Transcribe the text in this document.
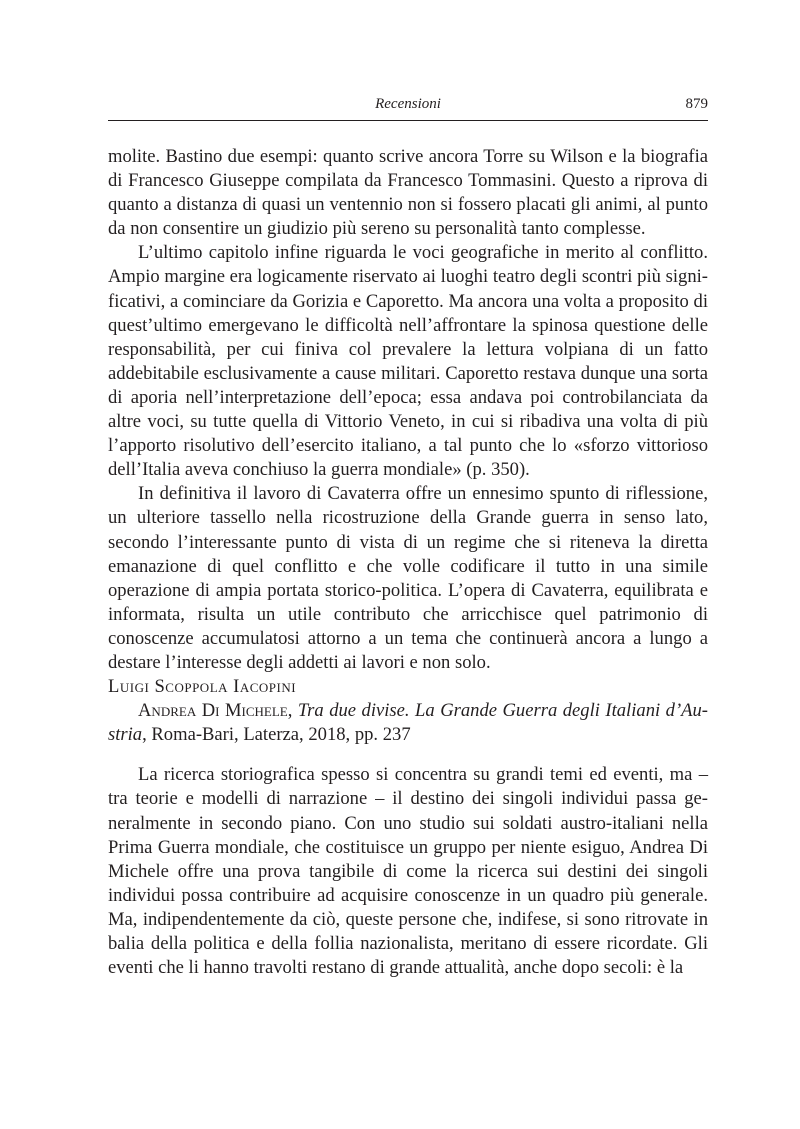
Recensioni	879

molite. Bastino due esempi: quanto scrive ancora Torre su Wilson e la biografia di Francesco Giuseppe compilata da Francesco Tommasini. Questo a riprova di quanto a distanza di quasi un ventennio non si fossero placati gli animi, al punto da non consentire un giudizio più sereno su personalità tanto complesse.

L’ultimo capitolo infine riguarda le voci geografiche in merito al conflitto. Ampio margine era logicamente riservato ai luoghi teatro degli scontri più significativi, a cominciare da Gorizia e Caporetto. Ma ancora una volta a proposito di quest’ultimo emergevano le difficoltà nell’affrontare la spinosa questione delle responsabilità, per cui finiva col prevalere la lettura volpiana di un fatto addebitabile esclusivamente a cause militari. Caporetto restava dunque una sorta di aporia nell’interpretazione dell’epoca; essa andava poi controbilanciata da altre voci, su tutte quella di Vittorio Veneto, in cui si ribadiva una volta di più l’apporto risolutivo dell’esercito italiano, a tal punto che lo «sforzo vittorioso dell’Italia aveva conchiuso la guerra mondiale» (p. 350).

In definitiva il lavoro di Cavaterra offre un ennesimo spunto di riflessione, un ulteriore tassello nella ricostruzione della Grande guerra in senso lato, secondo l’interessante punto di vista di un regime che si riteneva la diretta emanazione di quel conflitto e che volle codificare il tutto in una simile operazione di ampia portata storico-politica. L’opera di Cavaterra, equilibrata e informata, risulta un utile contributo che arricchisce quel patrimonio di conoscenze accumulatosi attorno a un tema che continuerà ancora a lungo a destare l’interesse degli addetti ai lavori e non solo.

Luigi Scoppola Iacopini

Andrea Di Michele, Tra due divise. La Grande Guerra degli Italiani d’Austria, Roma-Bari, Laterza, 2018, pp. 237

La ricerca storiografica spesso si concentra su grandi temi ed eventi, ma – tra teorie e modelli di narrazione – il destino dei singoli individui passa generalmente in secondo piano. Con uno studio sui soldati austro-italiani nella Prima Guerra mondiale, che costituisce un gruppo per niente esiguo, Andrea Di Michele offre una prova tangibile di come la ricerca sui destini dei singoli individui possa contribuire ad acquisire conoscenze in un quadro più generale. Ma, indipendentemente da ciò, queste persone che, indifese, si sono ritrovate in balia della politica e della follia nazionalista, meritano di essere ricordate. Gli eventi che li hanno travolti restano di grande attualità, anche dopo secoli: è la
